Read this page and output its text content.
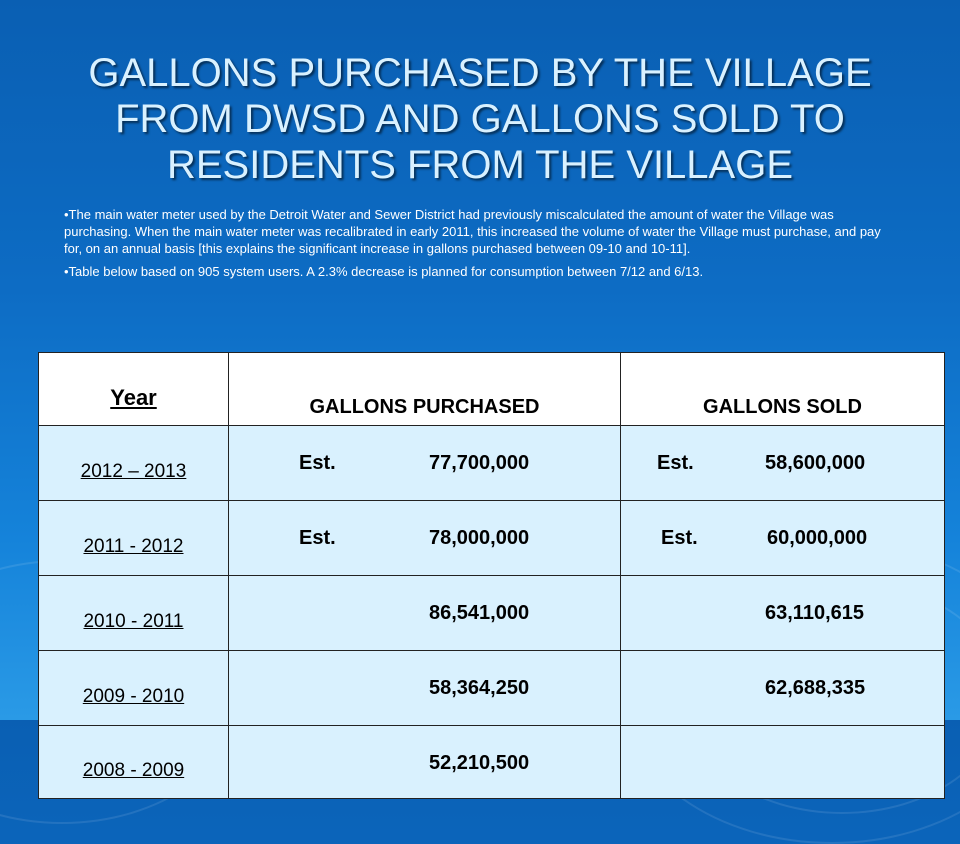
GALLONS PURCHASED BY THE VILLAGE FROM DWSD AND GALLONS SOLD TO RESIDENTS FROM THE VILLAGE

•The main water meter used by the Detroit Water and Sewer District had previously miscalculated the amount of water the Village was purchasing. When the main water meter was recalibrated in early 2011, this increased the volume of water the Village must purchase, and pay for, on an annual basis [this explains the significant increase in gallons purchased between 09-10 and 10-11].

•Table below based on 905 system users. A 2.3% decrease is planned for consumption between 7/12 and 6/13.

Year	GALLONS PURCHASED	GALLONS SOLD
2012 – 2013	Est. 77,700,000	Est. 58,600,000

2011 - 2012	Est. 78,000,000	Est. 60,000,000

2010 - 2011	86,541,000	63,110,615

2009 - 2010	58,364,250	62,688,335

2008 - 2009	52,210,500	
